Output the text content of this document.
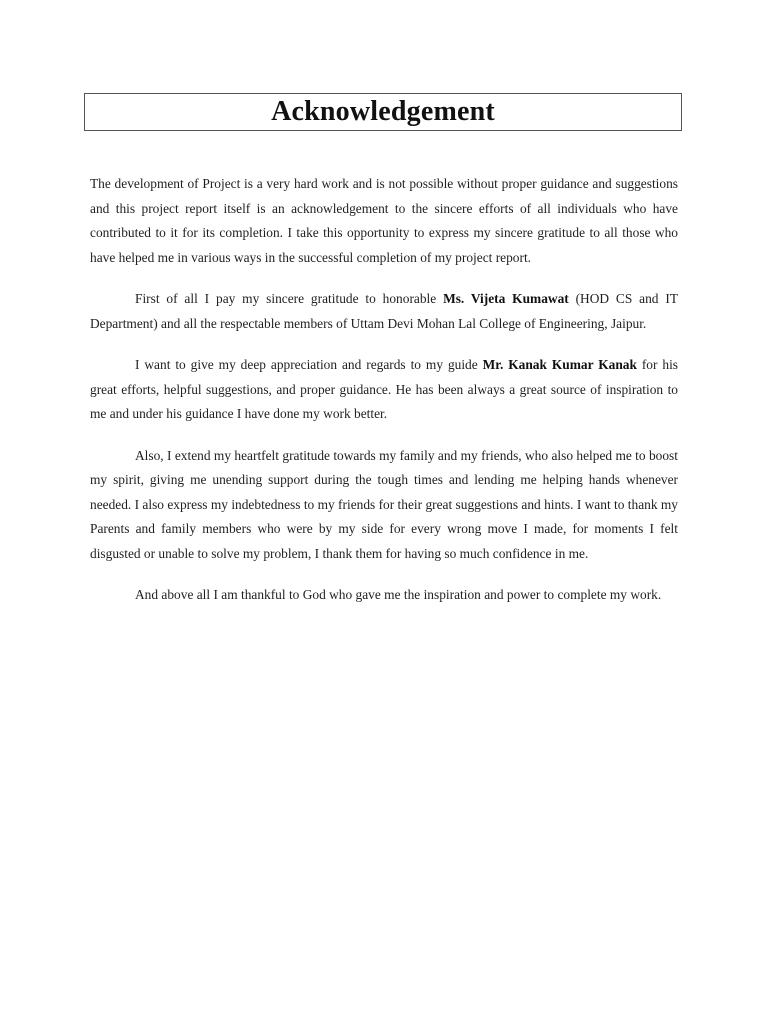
Acknowledgement

The development of Project is a very hard work and is not possible without proper guidance and suggestions and this project report itself is an acknowledgement to the sincere efforts of all individuals who have contributed to it for its completion. I take this opportunity to express my sincere gratitude to all those who have helped me in various ways in the successful completion of my project report.

First of all I pay my sincere gratitude to honorable Ms. Vijeta Kumawat (HOD CS and IT Department) and all the respectable members of Uttam Devi Mohan Lal College of Engineering, Jaipur.

I want to give my deep appreciation and regards to my guide Mr. Kanak Kumar Kanak for his great efforts, helpful suggestions, and proper guidance. He has been always a great source of inspiration to me and under his guidance I have done my work better.

Also, I extend my heartfelt gratitude towards my family and my friends, who also helped me to boost my spirit, giving me unending support during the tough times and lending me helping hands whenever needed. I also express my indebtedness to my friends for their great suggestions and hints. I want to thank my Parents and family members who were by my side for every wrong move I made, for moments I felt disgusted or unable to solve my problem, I thank them for having so much confidence in me.

And above all I am thankful to God who gave me the inspiration and power to complete my work.
